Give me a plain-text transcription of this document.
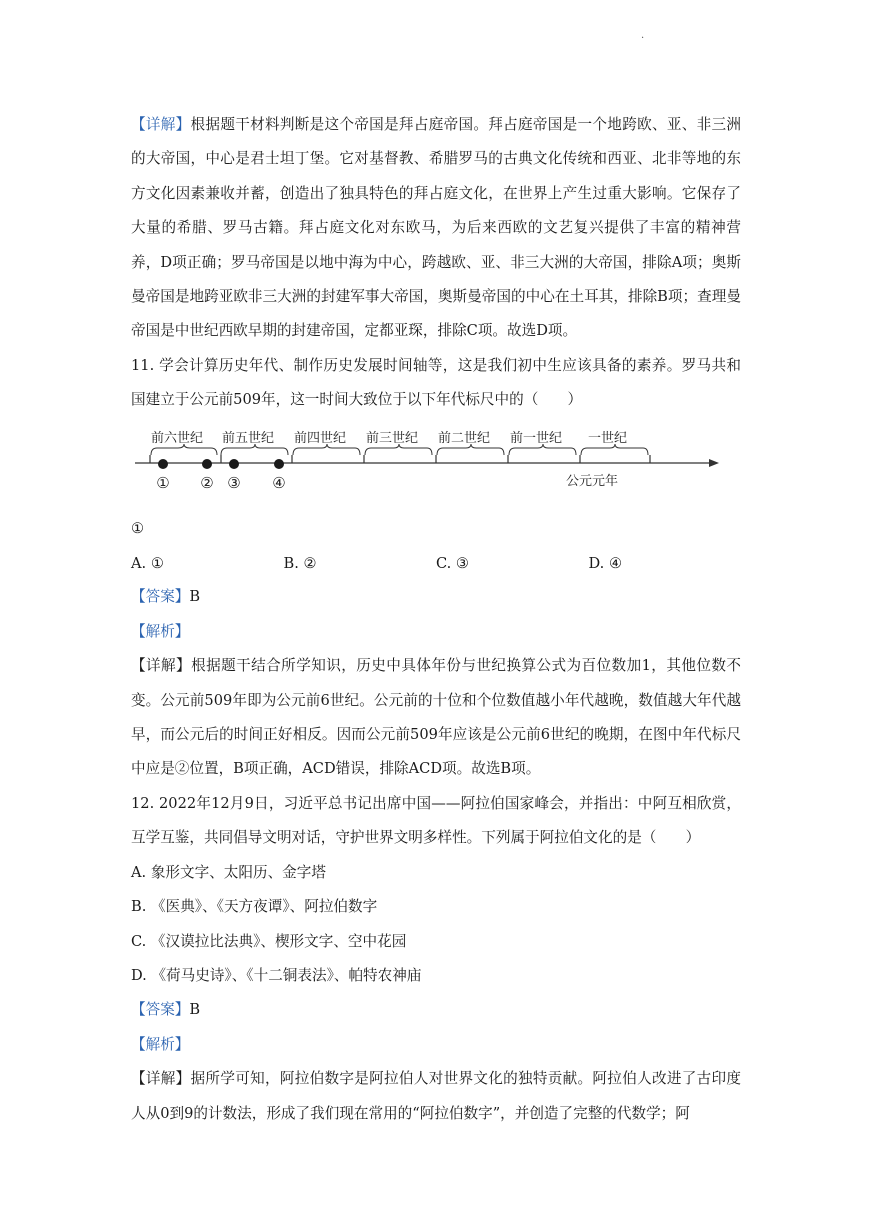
.

【详解】根据题干材料判断是这个帝国是拜占庭帝国。拜占庭帝国是一个地跨欧、亚、非三洲的大帝国，中心是君士坦丁堡。它对基督教、希腊罗马的古典文化传统和西亚、北非等地的东方文化因素兼收并蓄，创造出了独具特色的拜占庭文化，在世界上产生过重大影响。它保存了大量的希腊、罗马古籍。拜占庭文化对东欧马，为后来西欧的文艺复兴提供了丰富的精神营养，D项正确；罗马帝国是以地中海为中心，跨越欧、亚、非三大洲的大帝国，排除A项；奥斯曼帝国是地跨亚欧非三大洲的封建军事大帝国，奥斯曼帝国的中心在土耳其，排除B项；查理曼帝国是中世纪西欧早期的封建帝国，定都亚琛，排除C项。故选D项。

11. 学会计算历史年代、制作历史发展时间轴等，这是我们初中生应该具备的素养。罗马共和国建立于公元前509年，这一时间大致位于以下年代标尺中的（　　）

前六世纪 前五世纪 前四世纪 前三世纪 前二世纪 前一世纪 一世纪
① ② ③ ④	公元元年

①

A. ①	B. ②	C. ③	D. ④

【答案】B

【解析】

【详解】根据题干结合所学知识，历史中具体年份与世纪换算公式为百位数加1，其他位数不变。公元前509年即为公元前6世纪。公元前的十位和个位数值越小年代越晚，数值越大年代越早，而公元后的时间正好相反。因而公元前509年应该是公元前6世纪的晚期，在图中年代标尺中应是②位置，B项正确，ACD错误，排除ACD项。故选B项。

12. 2022年12月9日，习近平总书记出席中国——阿拉伯国家峰会，并指出：中阿互相欣赏，互学互鉴，共同倡导文明对话，守护世界文明多样性。下列属于阿拉伯文化的是（　　）

A. 象形文字、太阳历、金字塔

B. 《医典》、《天方夜谭》、阿拉伯数字

C. 《汉谟拉比法典》、楔形文字、空中花园

D. 《荷马史诗》、《十二铜表法》、帕特农神庙

【答案】B

【解析】

【详解】据所学可知，阿拉伯数字是阿拉伯人对世界文化的独特贡献。阿拉伯人改进了古印度人从0到9的计数法，形成了我们现在常用的“阿拉伯数字”，并创造了完整的代数学；阿
